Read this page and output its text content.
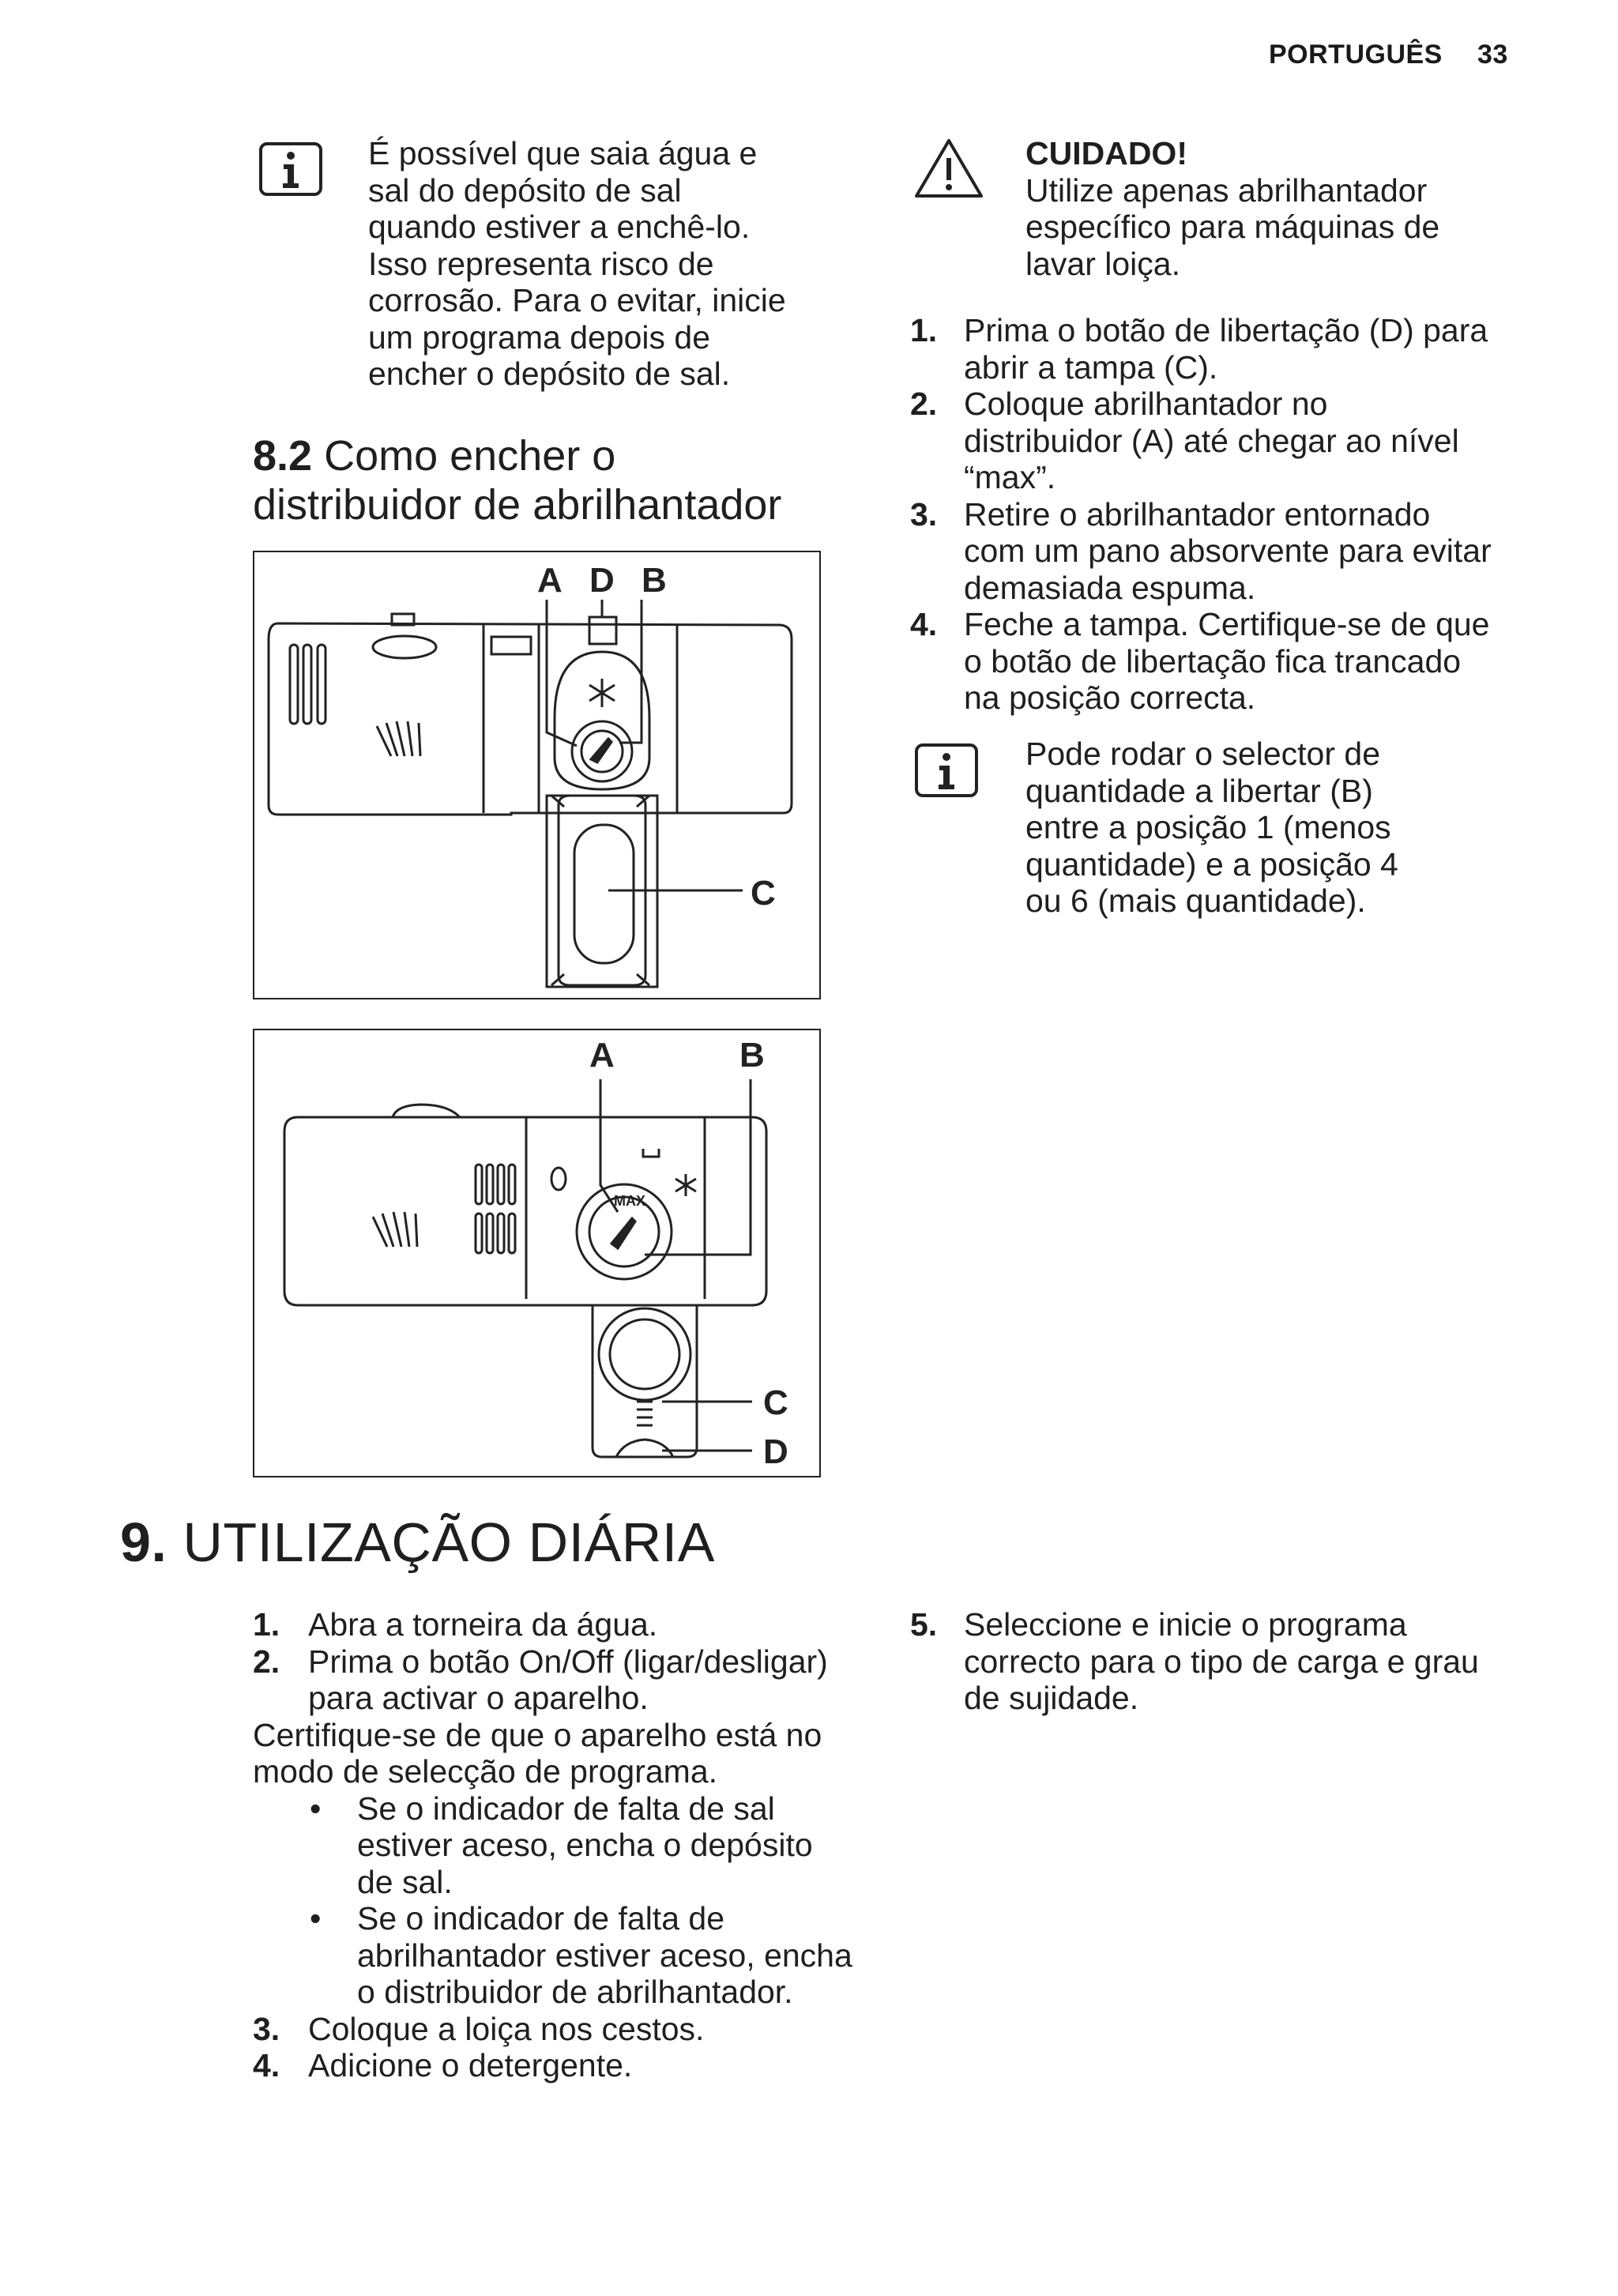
PORTUGUÊS 33
É possível que saia água e
sal do depósito de sal
quando estiver a enchê-lo.
Isso representa risco de
corrosão. Para o evitar, inicie
um programa depois de
encher o depósito de sal.
8.2 Como encher o
distribuidor de abrilhantador
A D B
C
MAX
A	B
C
D
CUIDADO!
Utilize apenas abrilhantador
específico para máquinas de
lavar loiça.
1. Prima o botão de libertação (D) para
abrir a tampa (C).
2. Coloque abrilhantador no
distribuidor (A) até chegar ao nível
“max”.
3. Retire o abrilhantador entornado
com um pano absorvente para evitar
demasiada espuma.
4. Feche a tampa. Certifique-se de que
o botão de libertação fica trancado
na posição correcta.
Pode rodar o selector de
quantidade a libertar (B)
entre a posição 1 (menos
quantidade) e a posição 4
ou 6 (mais quantidade).
9. UTILIZAÇÃO DIÁRIA
1. Abra a torneira da água.
2. Prima o botão On/Off (ligar/desligar)
para activar o aparelho.
Certifique-se de que o aparelho está no
modo de selecção de programa.
• Se o indicador de falta de sal
estiver aceso, encha o depósito
de sal.
• Se o indicador de falta de
abrilhantador estiver aceso, encha
o distribuidor de abrilhantador.
3. Coloque a loiça nos cestos.
4. Adicione o detergente.
5. Seleccione e inicie o programa
correcto para o tipo de carga e grau
de sujidade.
